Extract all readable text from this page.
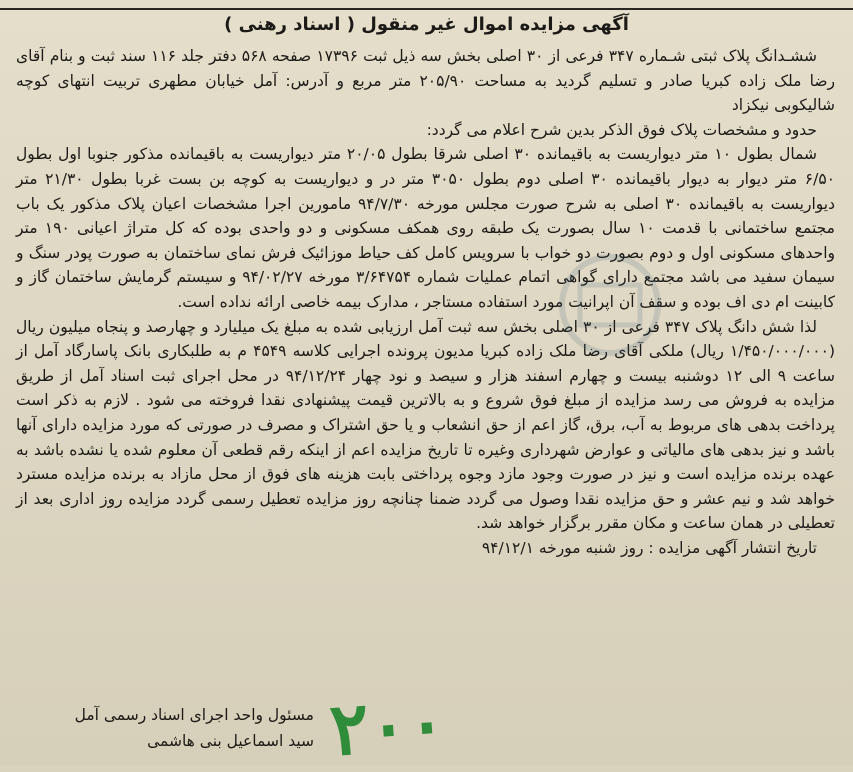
آگهی مزایده اموال غیر منقول ( اسناد رهنی )

ششـدانگ پلاک ثبتی شـماره ۳۴۷ فرعی از ۳۰ اصلی بخش سه ذیل ثبت ۱۷۳۹۶ صفحه ۵۶۸ دفتر جلد ۱۱۶ سند ثبت و بنام آقای رضا ملک زاده کبریا صادر و تسلیم گردید به مساحت ۲۰۵/۹۰ متر مربع و آدرس: آمل خیابان مطهری تربیت انتهای کوچه شالیکوبی نیکزاد

حدود و مشخصات پلاک فوق الذکر بدین شرح اعلام می گردد:

شمال بطول ۱۰ متر دیواریست به باقیمانده ۳۰ اصلی شرقا بطول ۲۰/۰۵ متر دیواریست به باقیمانده مذکور جنوبا اول بطول ۶/۵۰ متر دیوار به دیوار باقیمانده ۳۰ اصلی دوم بطول ۳۰۵۰ متر در و دیواریست به کوچه بن بست غربا بطول ۲۱/۳۰ متر دیواریست به باقیمانده ۳۰ اصلی به شرح صورت مجلس مورخه ۹۴/۷/۳۰ مامورین اجرا مشخصات اعیان پلاک مذکور یک باب مجتمع ساختمانی با قدمت ۱۰ سال بصورت یک طبقه روی همکف مسکونی و دو واحدی بوده که کل متراژ اعیانی ۱۹۰ متر واحدهای مسکونی اول و دوم بصورت دو خواب با سرویس کامل کف حیاط موزائیک فرش نمای ساختمان به صورت پودر سنگ و سیمان سفید می باشد مجتمع دارای گواهی اتمام عملیات شماره ۳/۶۴۷۵۴ مورخه ۹۴/۰۲/۲۷ و سیستم گرمایش ساختمان گاز و کابینت ام دی اف بوده و سقف آن اپرانیت مورد استفاده مستاجر ، مدارک بیمه خاصی ارائه نداده است.

لذا شش دانگ پلاک ۳۴۷ فرعی از ۳۰ اصلی بخش سه ثبت آمل ارزیابی شده به مبلغ یک میلیارد و چهارصد و پنجاه میلیون ریال (۱/۴۵۰/۰۰۰/۰۰۰ ریال) ملکی آقای رضا ملک زاده کبریا مدیون پرونده اجرایی کلاسه ۴۵۴۹ م به طلبکاری بانک پاسارگاد آمل از ساعت ۹ الی ۱۲ دوشنبه بیست و چهارم اسفند هزار و سیصد و نود چهار ۹۴/۱۲/۲۴ در محل اجرای ثبت اسناد آمل از طریق مزایده به فروش می رسد مزایده از مبلغ فوق شروع و به بالاترین قیمت پیشنهادی نقدا فروخته می شود . لازم به ذکر است پرداخت بدهی های مربوط به آب، برق، گاز اعم از حق انشعاب و یا حق اشتراک و مصرف در صورتی که مورد مزایده دارای آنها باشد و نیز بدهی های مالیاتی و عوارض شهرداری وغیره تا تاریخ مزایده اعم از اینکه رقم قطعی آن معلوم شده یا نشده باشد به عهده برنده مزایده است و نیز در صورت وجود مازد وجوه پرداختی بابت هزینه های فوق از محل مازاد به برنده مزایده مسترد خواهد شد و نیم عشر و حق مزایده نقدا وصول می گردد ضمنا چنانچه روز مزایده تعطیل رسمی گردد مزایده روز اداری بعد از تعطیلی در همان ساعت و مکان مقرر برگزار خواهد شد.

تاریخ انتشار آگهی مزایده : روز شنبه مورخه ۹۴/۱۲/۱

مسئول واحد اجرای اسناد رسمی آمل
سید اسماعیل بنی هاشمی ۲۰۰
